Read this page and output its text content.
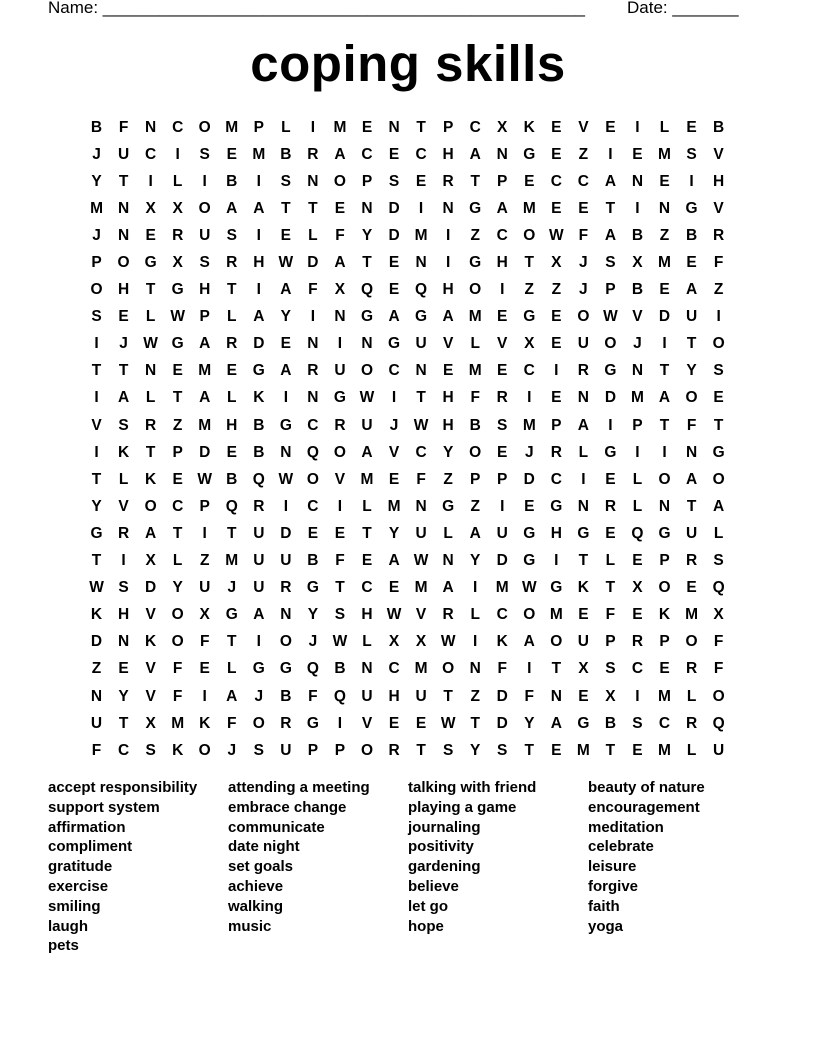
Name: ___________________________________________________ Date: _______
coping skills
B	F	N	C O M P	L	I	M E	N	T	P	C	X	K	E	V	E	I	L	E	B
J	U	C	I	S	E M B	R	A	C	E	C	H	A	N G	E	Z	I	E M S	V
Y	T	I	L	I	B	I	S	N O	P	S	E	R	T	P	E	C	C	A	N	E	I	H
M N	X	X	O A	A	T	T	E	N	D	I	N G A M E	E	T	I	N G	V
J	N	E	R	U	S	I	E	L	F	Y	D M	I	Z	C O W F	A	B	Z	B	R
P	O G	X	S	R	H W D	A	T	E	N	I	G H	T	X	J	S	X M E	F
O H	T	G H	T	I	A	F	X	Q	E	Q H O	I	Z	Z	J	P	B	E	A	Z
S	E	L W P	L	A	Y	I	N G A G A M E	G	E	O W V	D	U	I
I	J W G A	R	D	E	N	I	N G U	V	L	V	X	E	U O	J	I	T	O
T	T	N	E M E	G A	R	U O C	N	E M E	C	I	R G N	T	Y	S
I	A	L	T	A	L	K	I	N G W	I	T	H	F	R	I	E	N	D M A O	E
V	S	R	Z	M H	B G C	R	U	J W H	B	S M P	A	I	P	T	F	T
I	K	T	P	D	E	B	N Q O A	V	C	Y	O	E	J	R	L	G	I	I	N G
T	L	K	E W B Q W O	V M E	F	Z	P	P	D	C	I	E	L	O A O
Y	V	O C	P	Q R	I	C	I	L	M N G	Z	I	E	G N	R	L	N	T	A
G R	A	T	I	T	U	D	E	E	T	Y	U	L	A	U G H G	E	Q G U	L
T	I	X	L	Z	M U	U	B	F	E	A W N	Y	D G	I	T	L	E	P	R	S
W S	D	Y	U	J	U	R G	T	C	E M A	I	M W G K	T	X	O	E	Q
K	H	V	O	X	G A	N	Y	S	H W V	R	L	C O M E	F	E	K M X
D	N	K O	F	T	I	O	J W L	X	X W	I	K	A O U	P	R	P	O	F
Z	E	V	F	E	L	G G Q B	N	C M O N	F	I	T	X	S	C	E	R	F
N	Y	V	F	I	A	J	B	F	Q U	H	U	T	Z	D	F	N	E	X	I	M	L	O
U	T	X M K	F	O R G	I	V	E	E W T	D	Y	A G B	S	C	R Q
F	C	S	K O	J	S	U	P	P	O R	T	S	Y	S	T	E M	T	E M	L	U
accept responsibility
support system
affirmation
compliment
gratitude
exercise
smiling
laugh
pets
attending a meeting
embrace change
communicate
date night
set goals
achieve
walking
music
talking with friend
playing a game
journaling
positivity
gardening
believe
let go
hope
beauty of nature
encouragement
meditation
celebrate
leisure
forgive
faith
yoga
